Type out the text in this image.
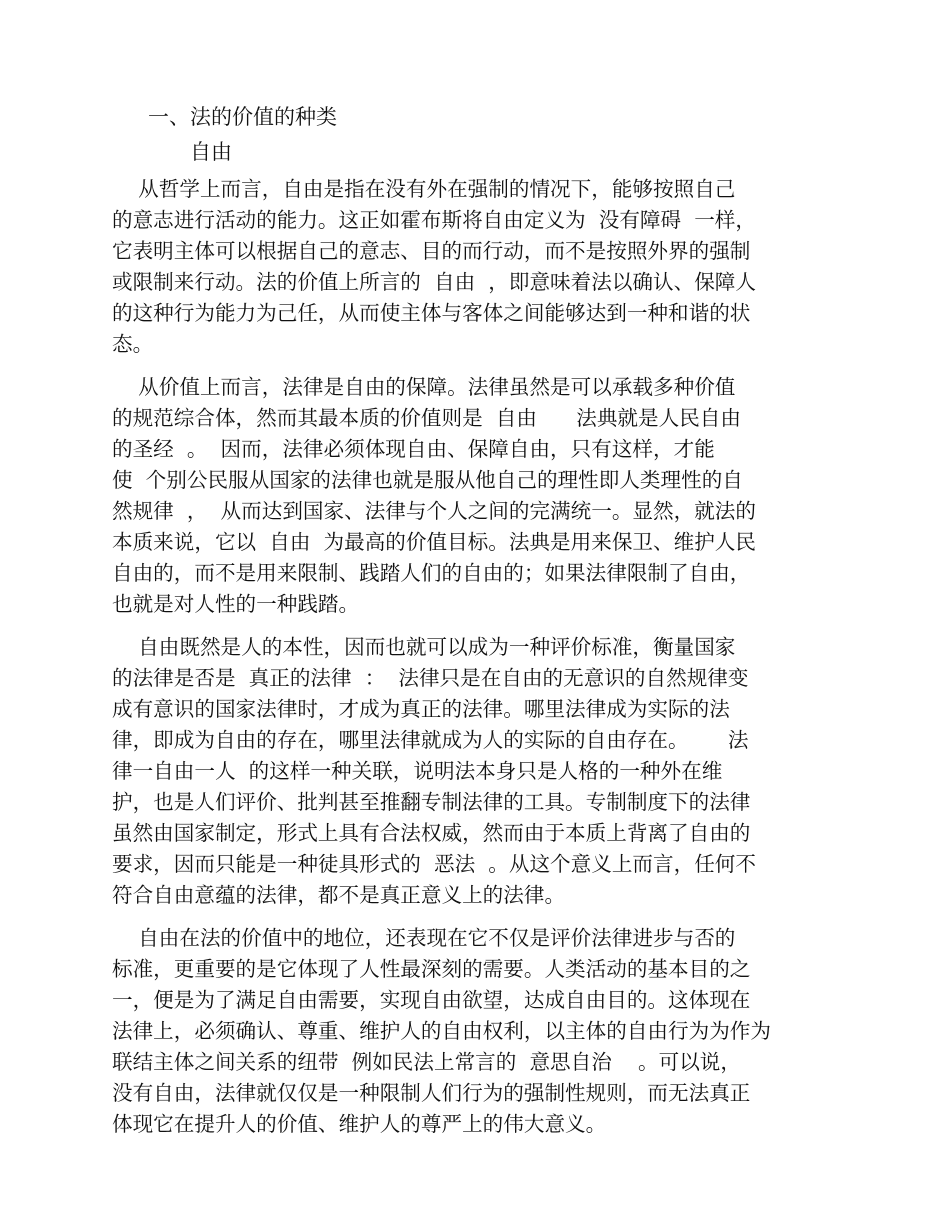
一、法的价值的种类
自由
从哲学上而言，自由是指在没有外在强制的情况下，能够按照自己
的意志进行活动的能力。这正如霍布斯将自由定义为  没有障碍  一样，
它表明主体可以根据自己的意志、目的而行动，而不是按照外界的强制
或限制来行动。法的价值上所言的  自由  ，即意味着法以确认、保障人
的这种行为能力为己任，从而使主体与客体之间能够达到一种和谐的状
态。
从价值上而言，法律是自由的保障。法律虽然是可以承载多种价值
的规范综合体，然而其最本质的价值则是  自由      法典就是人民自由
的圣经  。  因而，法律必须体现自由、保障自由，只有这样，才能
使  个别公民服从国家的法律也就是服从他自己的理性即人类理性的自
然规律  ，  从而达到国家、法律与个人之间的完满统一。显然，就法的
本质来说，它以  自由  为最高的价值目标。法典是用来保卫、维护人民
自由的，而不是用来限制、践踏人们的自由的；如果法律限制了自由，
也就是对人性的一种践踏。
自由既然是人的本性，因而也就可以成为一种评价标准，衡量国家
的法律是否是  真正的法律  ：  法律只是在自由的无意识的自然规律变
成有意识的国家法律时，才成为真正的法律。哪里法律成为实际的法
律，即成为自由的存在，哪里法律就成为人的实际的自由存在。      法
律一自由一人  的这样一种关联，说明法本身只是人格的一种外在维
护，也是人们评价、批判甚至推翻专制法律的工具。专制制度下的法律
虽然由国家制定，形式上具有合法权威，然而由于本质上背离了自由的
要求，因而只能是一种徒具形式的  恶法  。从这个意义上而言，任何不
符合自由意蕴的法律，都不是真正意义上的法律。
自由在法的价值中的地位，还表现在它不仅是评价法律进步与否的
标准，更重要的是它体现了人性最深刻的需要。人类活动的基本目的之
一，便是为了满足自由需要，实现自由欲望，达成自由目的。这体现在
法律上，必须确认、尊重、维护人的自由权利，以主体的自由行为为作为
联结主体之间关系的纽带  例如民法上常言的  意思自治    。可以说，
没有自由，法律就仅仅是一种限制人们行为的强制性规则，而无法真正
体现它在提升人的价值、维护人的尊严上的伟大意义。
